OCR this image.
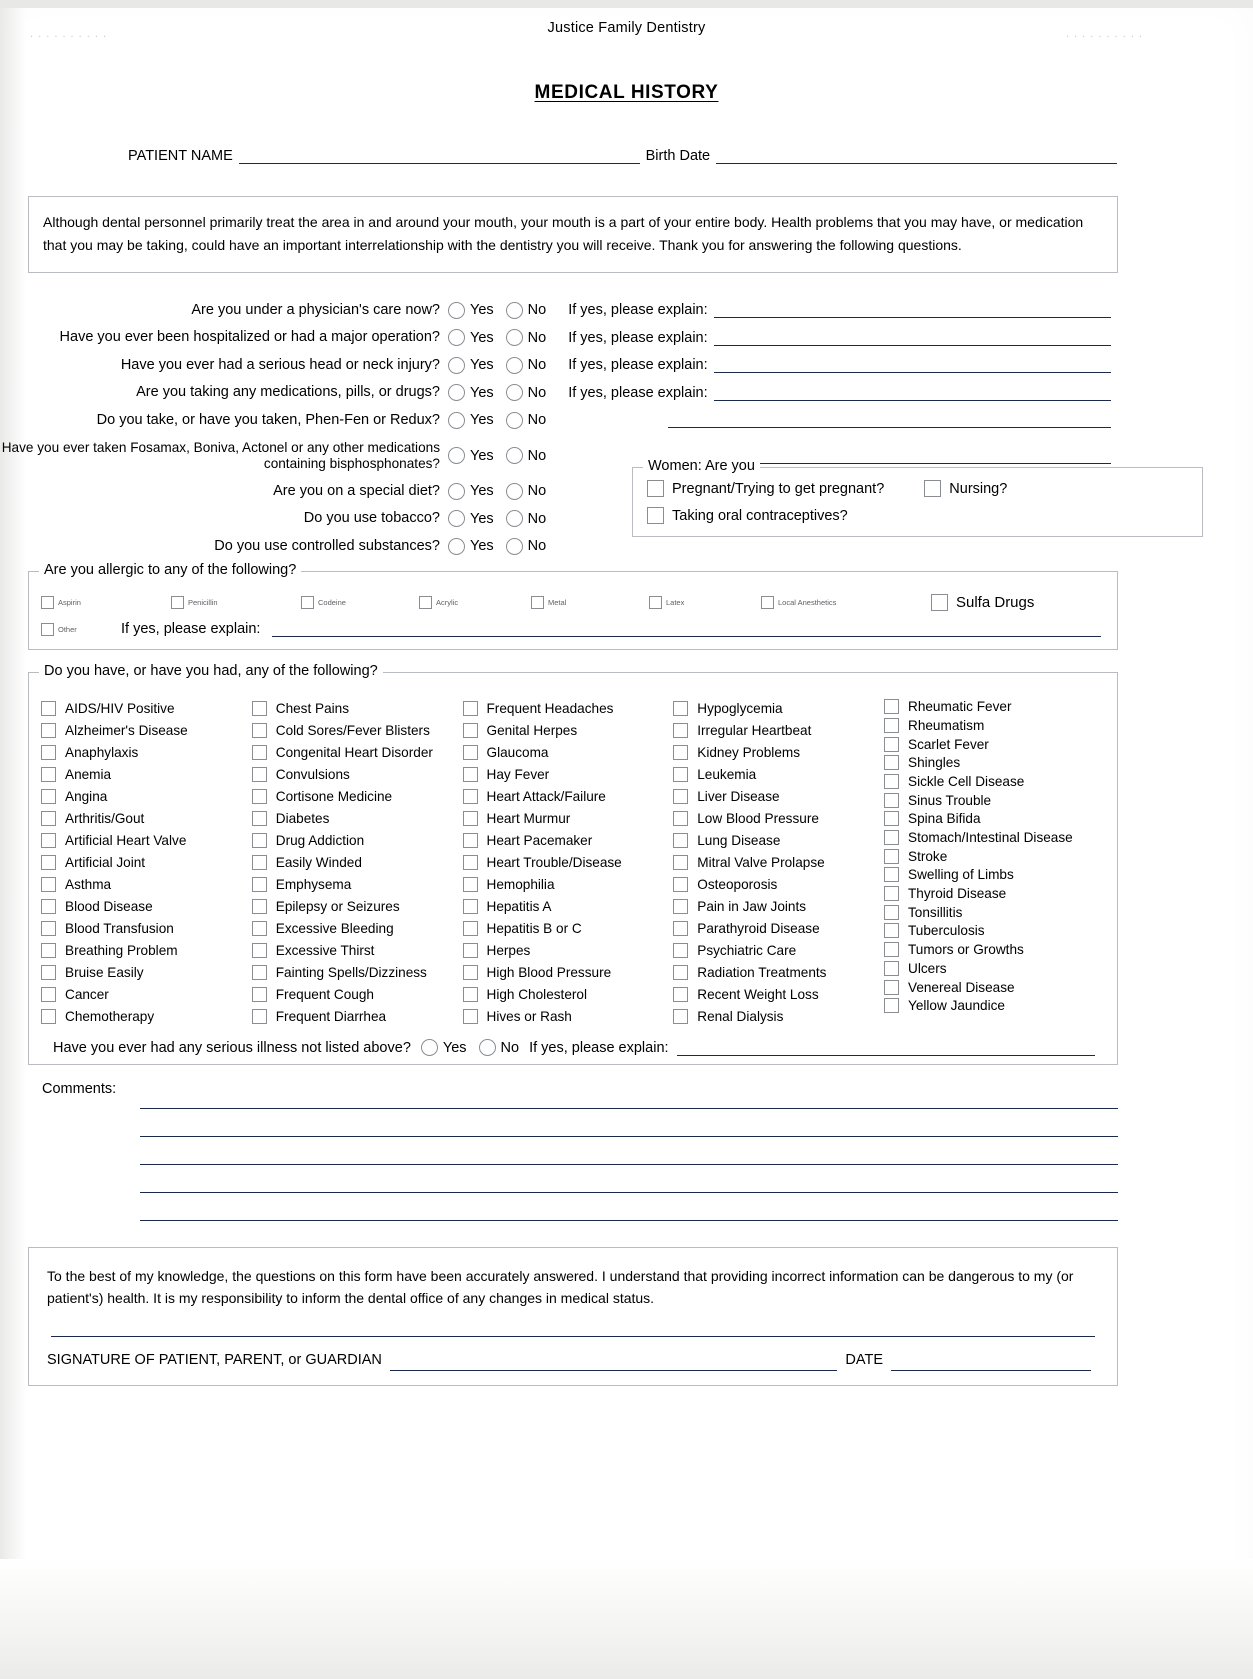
Justice Family Dentistry
MEDICAL HISTORY
PATIENT NAME	Birth Date
Although dental personnel primarily treat the area in and around your mouth, your mouth is a part of your entire body. Health problems that you may have, or medication that you may be taking, could have an important interrelationship with the dentistry you will receive. Thank you for answering the following questions.
Are you under a physician's care now?	Yes No If yes, please explain:
Have you ever been hospitalized or had a major operation?	Yes No If yes, please explain:
Have you ever had a serious head or neck injury?	Yes No If yes, please explain:
Are you taking any medications, pills, or drugs?	Yes No If yes, please explain:
Do you take, or have you taken, Phen-Fen or Redux?	Yes No
Have you ever taken Fosamax, Boniva, Actonel or any other medications containing bisphosphonates?	Yes No
Are you on a special diet?	Yes No
Do you use tobacco?	Yes No
Do you use controlled substances?	Yes No
Women: Are you
Pregnant/Trying to get pregnant?	Nursing?
Taking oral contraceptives?
Are you allergic to any of the following?
Aspirin	Penicillin	Codeine	Acrylic	Metal	Latex	Local Anesthetics	Sulfa Drugs
Other	If yes, please explain:
Do you have, or have you had, any of the following?
AIDS/HIV Positive
Alzheimer's Disease
Anaphylaxis
Anemia
Angina
Arthritis/Gout
Artificial Heart Valve
Artificial Joint
Asthma
Blood Disease
Blood Transfusion
Breathing Problem
Bruise Easily
Cancer
Chemotherapy
Chest Pains
Cold Sores/Fever Blisters
Congenital Heart Disorder
Convulsions
Cortisone Medicine
Diabetes
Drug Addiction
Easily Winded
Emphysema
Epilepsy or Seizures
Excessive Bleeding
Excessive Thirst
Fainting Spells/Dizziness
Frequent Cough
Frequent Diarrhea
Frequent Headaches
Genital Herpes
Glaucoma
Hay Fever
Heart Attack/Failure
Heart Murmur
Heart Pacemaker
Heart Trouble/Disease
Hemophilia
Hepatitis A
Hepatitis B or C
Herpes
High Blood Pressure
High Cholesterol
Hives or Rash
Hypoglycemia
Irregular Heartbeat
Kidney Problems
Leukemia
Liver Disease
Low Blood Pressure
Lung Disease
Mitral Valve Prolapse
Osteoporosis
Pain in Jaw Joints
Parathyroid Disease
Psychiatric Care
Radiation Treatments
Recent Weight Loss
Renal Dialysis
Rheumatic Fever
Rheumatism
Scarlet Fever
Shingles
Sickle Cell Disease
Sinus Trouble
Spina Bifida
Stomach/Intestinal Disease
Stroke
Swelling of Limbs
Thyroid Disease
Tonsillitis
Tuberculosis
Tumors or Growths
Ulcers
Venereal Disease
Yellow Jaundice
Have you ever had any serious illness not listed above? Yes No If yes, please explain:
Comments:
To the best of my knowledge, the questions on this form have been accurately answered. I understand that providing incorrect information can be dangerous to my (or patient's) health. It is my responsibility to inform the dental office of any changes in medical status.
SIGNATURE OF PATIENT, PARENT, or GUARDIAN	DATE
. . . . . . . . . .	. . . . . . . . . .
